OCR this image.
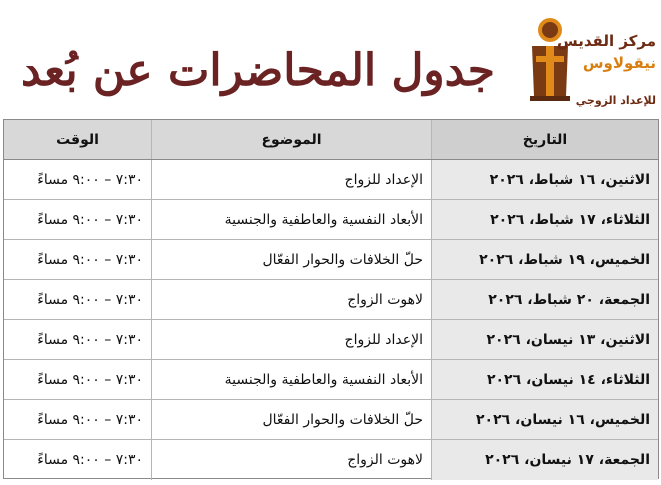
جدول المحاضرات عن بُعد
مركز القديس
نيقولاوس
للإعداد الزوجي
التاريخ
الموضوع
الوقت
الاثنين، ١٦ شباط، ٢٠٢٦
الإعداد للزواج
٧:٣٠ – ٩:٠٠ مساءً
الثلاثاء، ١٧ شباط، ٢٠٢٦
الأبعاد النفسية والعاطفية والجنسية
٧:٣٠ – ٩:٠٠ مساءً
الخميس، ١٩ شباط، ٢٠٢٦
حلّ الخلافات والحوار الفعّال
٧:٣٠ – ٩:٠٠ مساءً
الجمعة، ٢٠ شباط، ٢٠٢٦
لاهوت الزواج
٧:٣٠ – ٩:٠٠ مساءً
الاثنين، ١٣ نيسان، ٢٠٢٦
الإعداد للزواج
٧:٣٠ – ٩:٠٠ مساءً
الثلاثاء، ١٤ نيسان، ٢٠٢٦
الأبعاد النفسية والعاطفية والجنسية
٧:٣٠ – ٩:٠٠ مساءً
الخميس، ١٦ نيسان، ٢٠٢٦
حلّ الخلافات والحوار الفعّال
٧:٣٠ – ٩:٠٠ مساءً
الجمعة، ١٧ نيسان، ٢٠٢٦
لاهوت الزواج
٧:٣٠ – ٩:٠٠ مساءً
